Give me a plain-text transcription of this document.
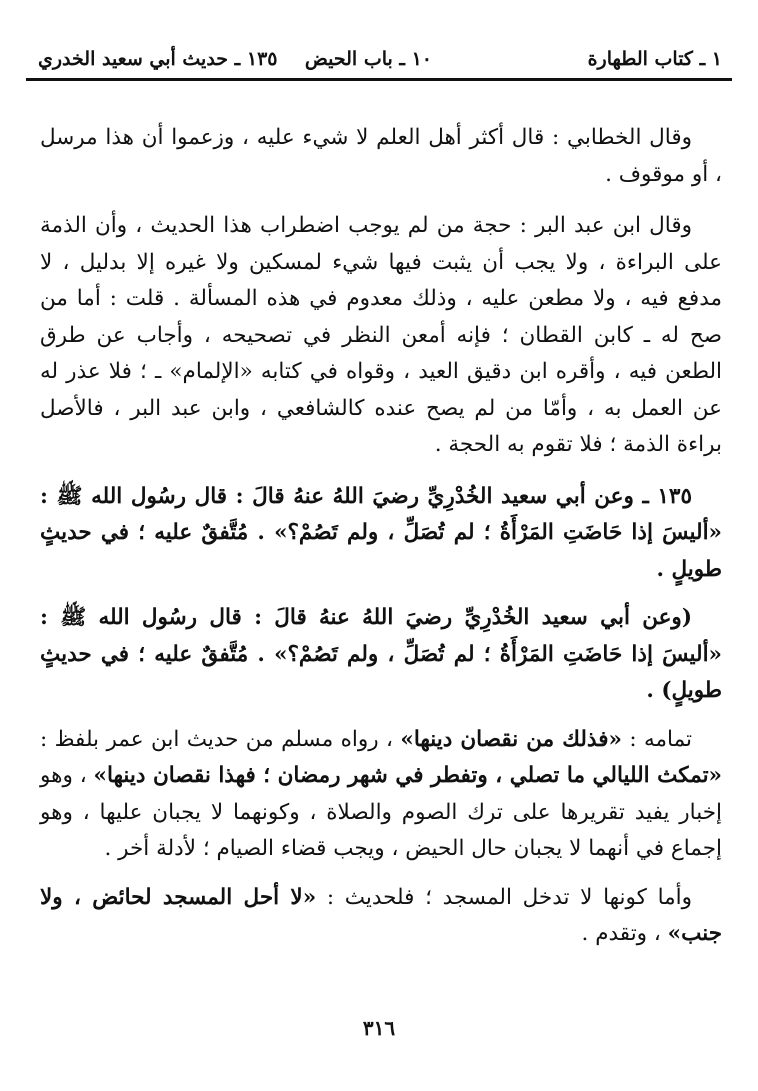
١ ـ كتاب الطهارة
١٠ ـ باب الحيض
١٣٥ ـ حديث أبي سعيد الخدري

وقال الخطابي : قال أكثر أهل العلم لا شيء عليه ، وزعموا أن هذا مرسل ، أو موقوف .

وقال ابن عبد البر : حجة من لم يوجب اضطراب هذا الحديث ، وأن الذمة على البراءة ، ولا يجب أن يثبت فيها شيء لمسكين ولا غيره إلا بدليل ، لا مدفع فيه ، ولا مطعن عليه ، وذلك معدوم في هذه المسألة . قلت : أما من صح له ـ كابن القطان ؛ فإنه أمعن النظر في تصحيحه ، وأجاب عن طرق الطعن فيه ، وأقره ابن دقيق العيد ، وقواه في كتابه «الإلمام» ـ ؛ فلا عذر له عن العمل به ، وأمّا من لم يصح عنده كالشافعي ، وابن عبد البر ، فالأصل براءة الذمة ؛ فلا تقوم به الحجة .

١٣٥ ـ وعن أبي سعيد الخُدْرِيِّ رضيَ اللهُ عنهُ قالَ : قال رسُول الله ﷺ : «أليسَ إذا حَاضَتِ المَرْأَةُ ؛ لم تُصَلِّ ، ولم تَصُمْ؟» . مُتَّفقٌ عليه ؛ في حديثٍ طويلٍ .

(وعن أبي سعيد الخُدْرِيِّ رضيَ اللهُ عنهُ قالَ : قال رسُول الله ﷺ : «أليسَ إذا حَاضَتِ المَرْأَةُ ؛ لم تُصَلِّ ، ولم تَصُمْ؟» . مُتَّفقٌ عليه ؛ في حديثٍ طويلٍ) .

تمامه : «فذلك من نقصان دينها» ، رواه مسلم من حديث ابن عمر بلفظ : «تمكث الليالي ما تصلي ، وتفطر في شهر رمضان ؛ فهذا نقصان دينها» ، وهو إخبار يفيد تقريرها على ترك الصوم والصلاة ، وكونهما لا يجبان عليها ، وهو إجماع في أنهما لا يجبان حال الحيض ، ويجب قضاء الصيام ؛ لأدلة أخر .

وأما كونها لا تدخل المسجد ؛ فلحديث : «لا أحل المسجد لحائض ، ولا جنب» ، وتقدم .

٣١٦
